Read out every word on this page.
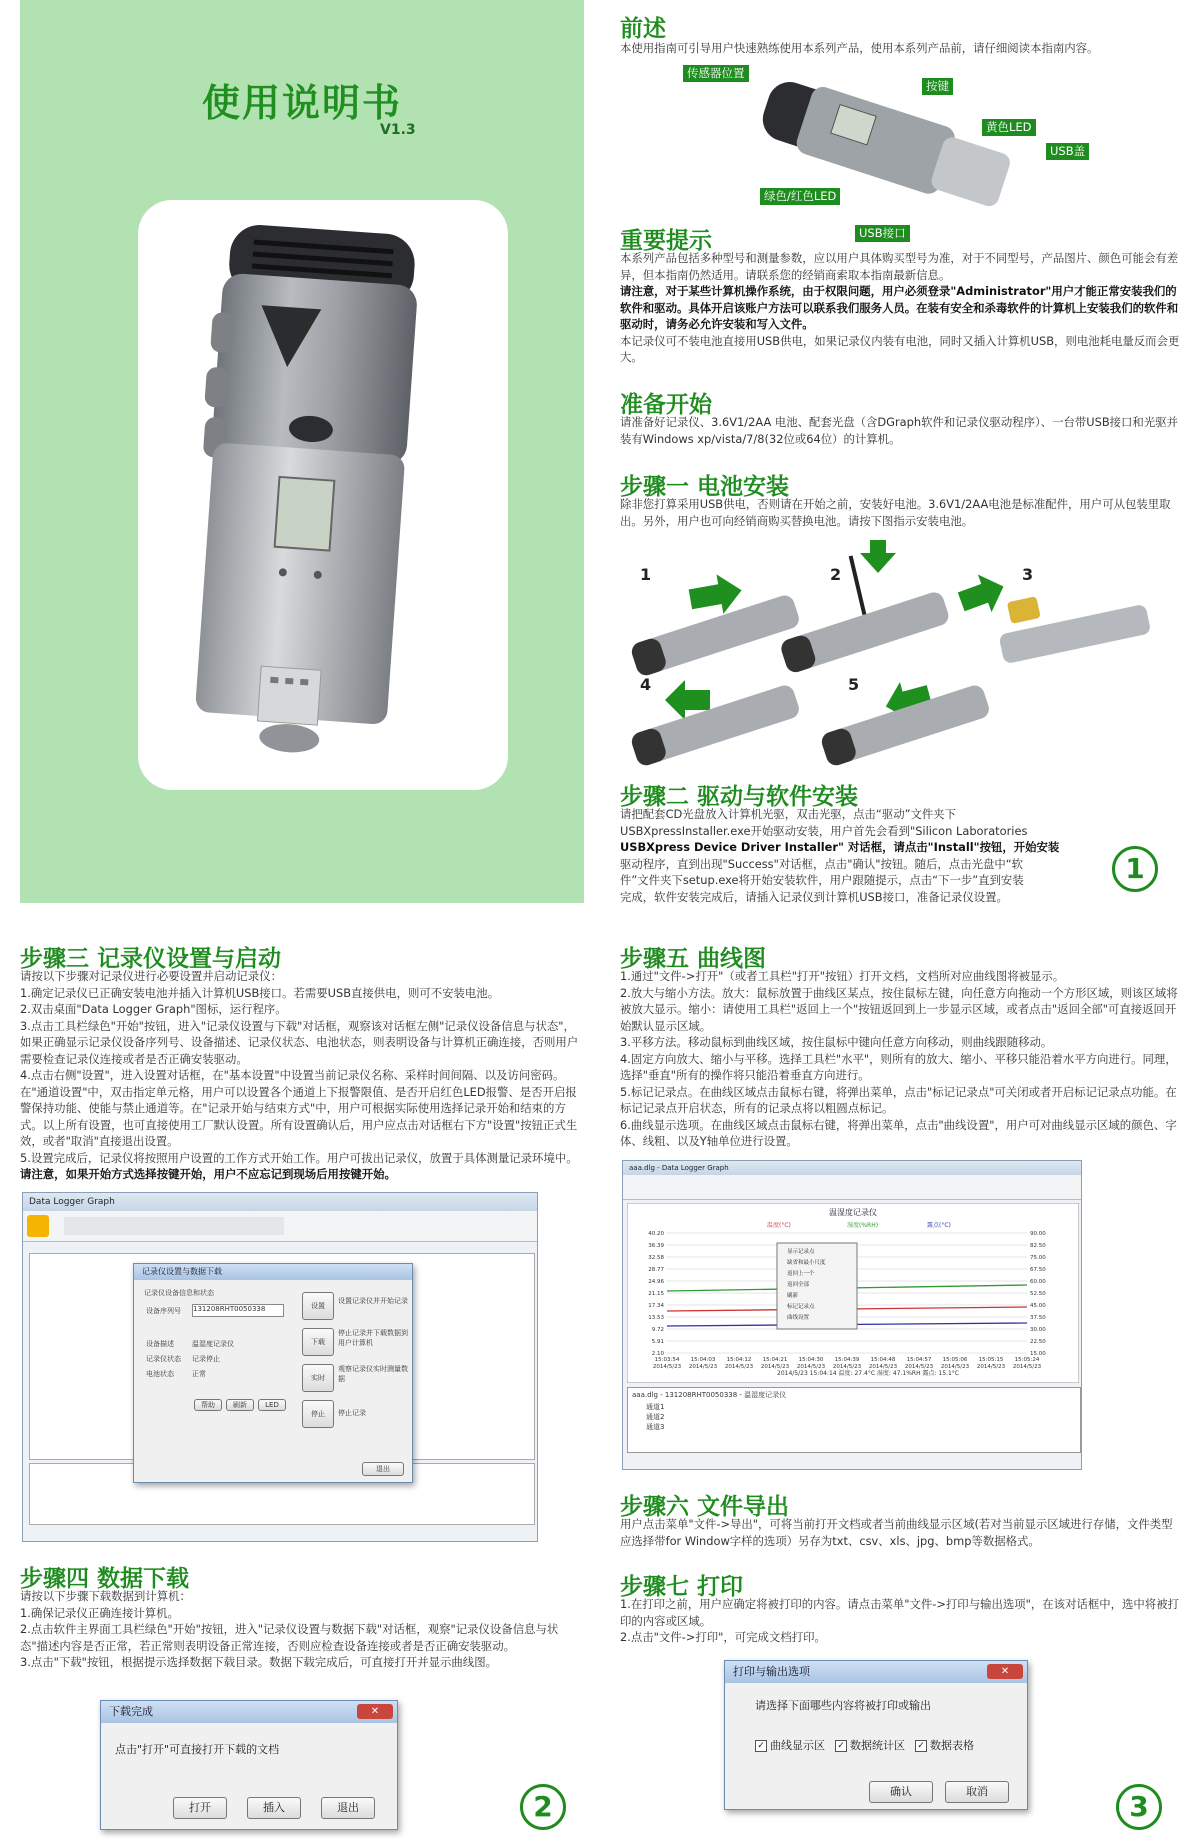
使用说明书
V1.3
前述
本使用指南可引导用户快速熟练使用本系列产品，使用本系列产品前，请仔细阅读本指南内容。
传感器位置
按键
黄色LED
USB盖
绿色/红色LED
USB接口
重要提示

本系列产品包括多种型号和测量参数，应以用户具体购买型号为准，对于不同型号，产品图片、颜色可能会有差异，但本指南仍然适用。请联系您的经销商索取本指南最新信息。

请注意，对于某些计算机操作系统，由于权限问题，用户必须登录"Administrator"用户才能正常安装我们的软件和驱动。具体开启该账户方法可以联系我们服务人员。在装有安全和杀毒软件的计算机上安装我们的软件和驱动时，请务必允许安装和写入文件。

本记录仪可不装电池直接用USB供电，如果记录仪内装有电池，同时又插入计算机USB，则电池耗电量反而会更大。

准备开始
请准备好记录仪、3.6V1/2AA 电池、配套光盘（含DGraph软件和记录仪驱动程序）、一台带USB接口和光驱并装有Windows xp/vista/7/8(32位或64位）的计算机。
步骤一 电池安装
除非您打算采用USB供电，否则请在开始之前，安装好电池。3.6V1/2AA电池是标准配件，用户可从包装里取出。另外，用户也可向经销商购买替换电池。请按下图指示安装电池。
1	2	3
4	5
步骤二 驱动与软件安装

请把配套CD光盘放入计算机光驱，双击光驱，点击“驱动”文件夹下

USBXpressInstaller.exe开始驱动安装，用户首先会看到"Silicon Laboratories

USBXpress Device Driver Installer" 对话框，请点击"Install"按钮，开始安装

驱动程序，直到出现"Success"对话框，点击"确认"按钮。随后，点击光盘中“软

件”文件夹下setup.exe将开始安装软件，用户跟随提示，点击“下一步”直到安装

完成，软件安装完成后，请插入记录仪到计算机USB接口，准备记录仪设置。

1
步骤三 记录仪设置与启动

请按以下步骤对记录仪进行必要设置并启动记录仪：

1.确定记录仪已正确安装电池并插入计算机USB接口。若需要USB直接供电，则可不安装电池。

2.双击桌面"Data Logger Graph"图标，运行程序。

3.点击工具栏绿色"开始"按钮，进入"记录仪设置与下载"对话框，观察该对话框左侧"记录仪设备信息与状态"，如果正确显示记录仪设备序列号、设备描述、记录仪状态、电池状态，则表明设备与计算机正确连接，否则用户需要检查记录仪连接或者是否正确安装驱动。

4.点击右侧"设置"，进入设置对话框，在"基本设置"中设置当前记录仪名称、采样时间间隔、以及访问密码。在"通道设置"中，双击指定单元格，用户可以设置各个通道上下报警限值、是否开启红色LED报警、是否开启报警保持功能、使能与禁止通道等。在"记录开始与结束方式"中，用户可根据实际使用选择记录开始和结束的方式。以上所有设置，也可直接使用工厂默认设置。所有设置确认后，用户应点击对话框右下方"设置"按钮正式生效，或者"取消"直接退出设置。

5.设置完成后，记录仪将按照用户设置的工作方式开始工作。用户可拔出记录仪，放置于具体测量记录环境中。请注意，如果开始方式选择按键开始，用户不应忘记到现场后用按键开始。

Data Logger Graph

记录仪设置与数据下载
记录仪设备信息和状态
设备序列号 131208RHT0050338
设备描述	温湿度记录仪
记录仪状态 记录停止
电池状态	正常
帮助	刷新	LED
设置
设置记录仪并开始记录
下载
停止记录并下载数据到用户计算机
实时
观察记录仪实时测量数据
停止	停止记录
退出
步骤四 数据下载

请按以下步骤下载数据到计算机：

1.确保记录仪正确连接计算机。

2.点击软件主界面工具栏绿色"开始"按钮，进入"记录仪设置与数据下载"对话框，观察"记录仪设备信息与状态"描述内容是否正常，若正常则表明设备正常连接，否则应检查设备连接或者是否正确安装驱动。

3.点击"下载"按钮，根据提示选择数据下载目录。数据下载完成后，可直接打开并显示曲线图。

下载完成	✕
点击"打开"可直接打开下载的文档
打开	插入	退出	2
步骤五 曲线图

1.通过"文件->打开"（或者工具栏"打开"按钮）打开文档，文档所对应曲线图将被显示。

2.放大与缩小方法。放大：鼠标放置于曲线区某点，按住鼠标左键，向任意方向拖动一个方形区域，则该区域将被放大显示。缩小：请使用工具栏"返回上一个"按钮返回到上一步显示区域，或者点击"返回全部"可直接返回开始默认显示区域。

3.平移方法。移动鼠标到曲线区域，按住鼠标中键向任意方向移动，则曲线跟随移动。

4.固定方向放大、缩小与平移。选择工具栏"水平"，则所有的放大、缩小、平移只能沿着水平方向进行。同理，选择"垂直"所有的操作将只能沿着垂直方向进行。

5.标记记录点。在曲线区域点击鼠标右键，将弹出菜单，点击"标记记录点"可关闭或者开启标记记录点功能。在标记记录点开启状态，所有的记录点将以粗圆点标记。

6.曲线显示选项。在曲线区域点击鼠标右键，将弹出菜单，点击"曲线设置"，用户可对曲线显示区域的颜色、字体、线粗、以及Y轴单位进行设置。

aaa.dlg - Data Logger Graph
温湿度记录仪
温度(°C)	湿度(%RH)	露点(°C)
40.20
36.39
32.58
28.77
24.96
21.15
17.34
13.53
9.72
5.91
2.10
90.00
82.50
75.00
67.50
60.00
52.50
45.00
37.50
30.00
22.50
15.00
15:03:54
2014/5/23
15:04:03
2014/5/23
15:04:12
2014/5/23
15:04:21
2014/5/23
15:04:30
2014/5/23
15:04:39
2014/5/23
15:04:48
2014/5/23
15:04:57
2014/5/23
15:05:06
2014/5/23
15:05:15
2014/5/23
15:05:24
2014/5/23
显示记录点
缺省和最小尺度
返回上一个
返回全部
刷新
标记记录点
曲线设置
2014/5/23 15:04:14 温度: 27.4°C 湿度: 47.1%RH 露点: 15.1°C
aaa.dlg - 131208RHT0050338 - 温湿度记录仪
通道1
通道2
通道3
步骤六 文件导出
用户点击菜单"文件->导出"，可将当前打开文档或者当前曲线显示区域(若对当前显示区域进行存储，文件类型应选择带for Window字样的选项）另存为txt、csv、xls、jpg、bmp等数据格式。
步骤七 打印

1.在打印之前，用户应确定将被打印的内容。请点击菜单"文件->打印与输出选项"，在该对话框中，选中将被打印的内容或区域。

2.点击"文件->打印"，可完成文档打印。

打印与输出选项	✕
请选择下面哪些内容将被打印或输出
✓ 曲线显示区 ✓ 数据统计区 ✓ 数据表格
确认	取消	3
